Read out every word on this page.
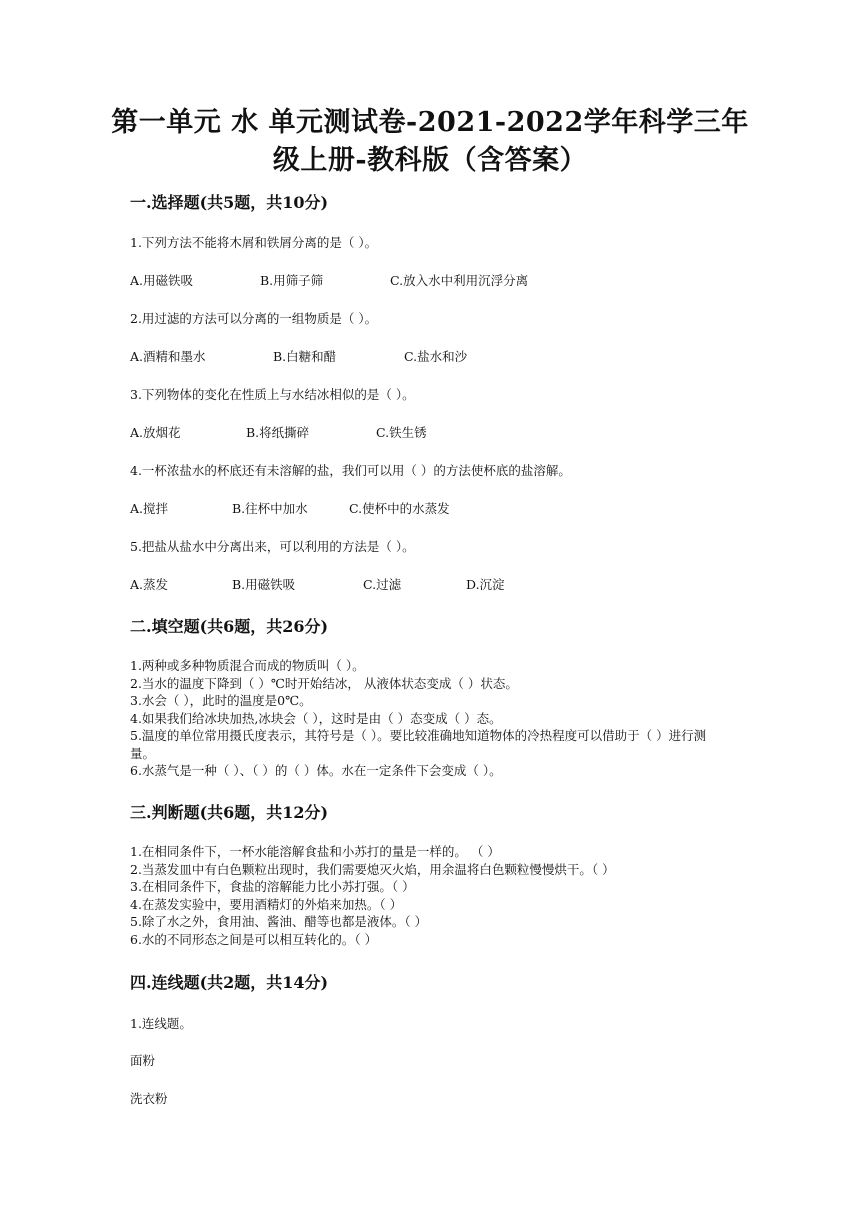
第一单元 水 单元测试卷-2021-2022学年科学三年级上册-教科版（含答案）
一.选择题(共5题，共10分)
1.下列方法不能将木屑和铁屑分离的是（ ）。
A.用磁铁吸	B.用筛子筛	C.放入水中利用沉浮分离
2.用过滤的方法可以分离的一组物质是（ ）。
A.酒精和墨水	B.白糖和醋	C.盐水和沙
3.下列物体的变化在性质上与水结冰相似的是（ ）。
A.放烟花	B.将纸撕碎	C.铁生锈
4.一杯浓盐水的杯底还有未溶解的盐，我们可以用（ ）的方法使杯底的盐溶解。
A.搅拌	B.往杯中加水	C.使杯中的水蒸发
5.把盐从盐水中分离出来，可以利用的方法是（ ）。
A.蒸发	B.用磁铁吸	C.过滤	D.沉淀
二.填空题(共6题，共26分)
1.两种或多种物质混合而成的物质叫（ ）。
2.当水的温度下降到（ ）℃时开始结冰， 从液体状态变成（ ）状态。
3.水会（ ），此时的温度是0℃。
4.如果我们给冰块加热,冰块会（ ），这时是由（ ）态变成（ ）态。
5.温度的单位常用摄氏度表示，其符号是（ ）。要比较准确地知道物体的冷热程度可以借助于（ ）进行测量。
6.水蒸气是一种（ ）、（ ）的（ ）体。水在一定条件下会变成（ ）。
三.判断题(共6题，共12分)
1.在相同条件下，一杯水能溶解食盐和小苏打的量是一样的。 （ ）
2.当蒸发皿中有白色颗粒出现时，我们需要熄灭火焰，用余温将白色颗粒慢慢烘干。（ ）
3.在相同条件下，食盐的溶解能力比小苏打强。（ ）
4.在蒸发实验中，要用酒精灯的外焰来加热。（ ）
5.除了水之外，食用油、酱油、醋等也都是液体。（ ）
6.水的不同形态之间是可以相互转化的。（ ）
四.连线题(共2题，共14分)
1.连线题。
面粉
洗衣粉
